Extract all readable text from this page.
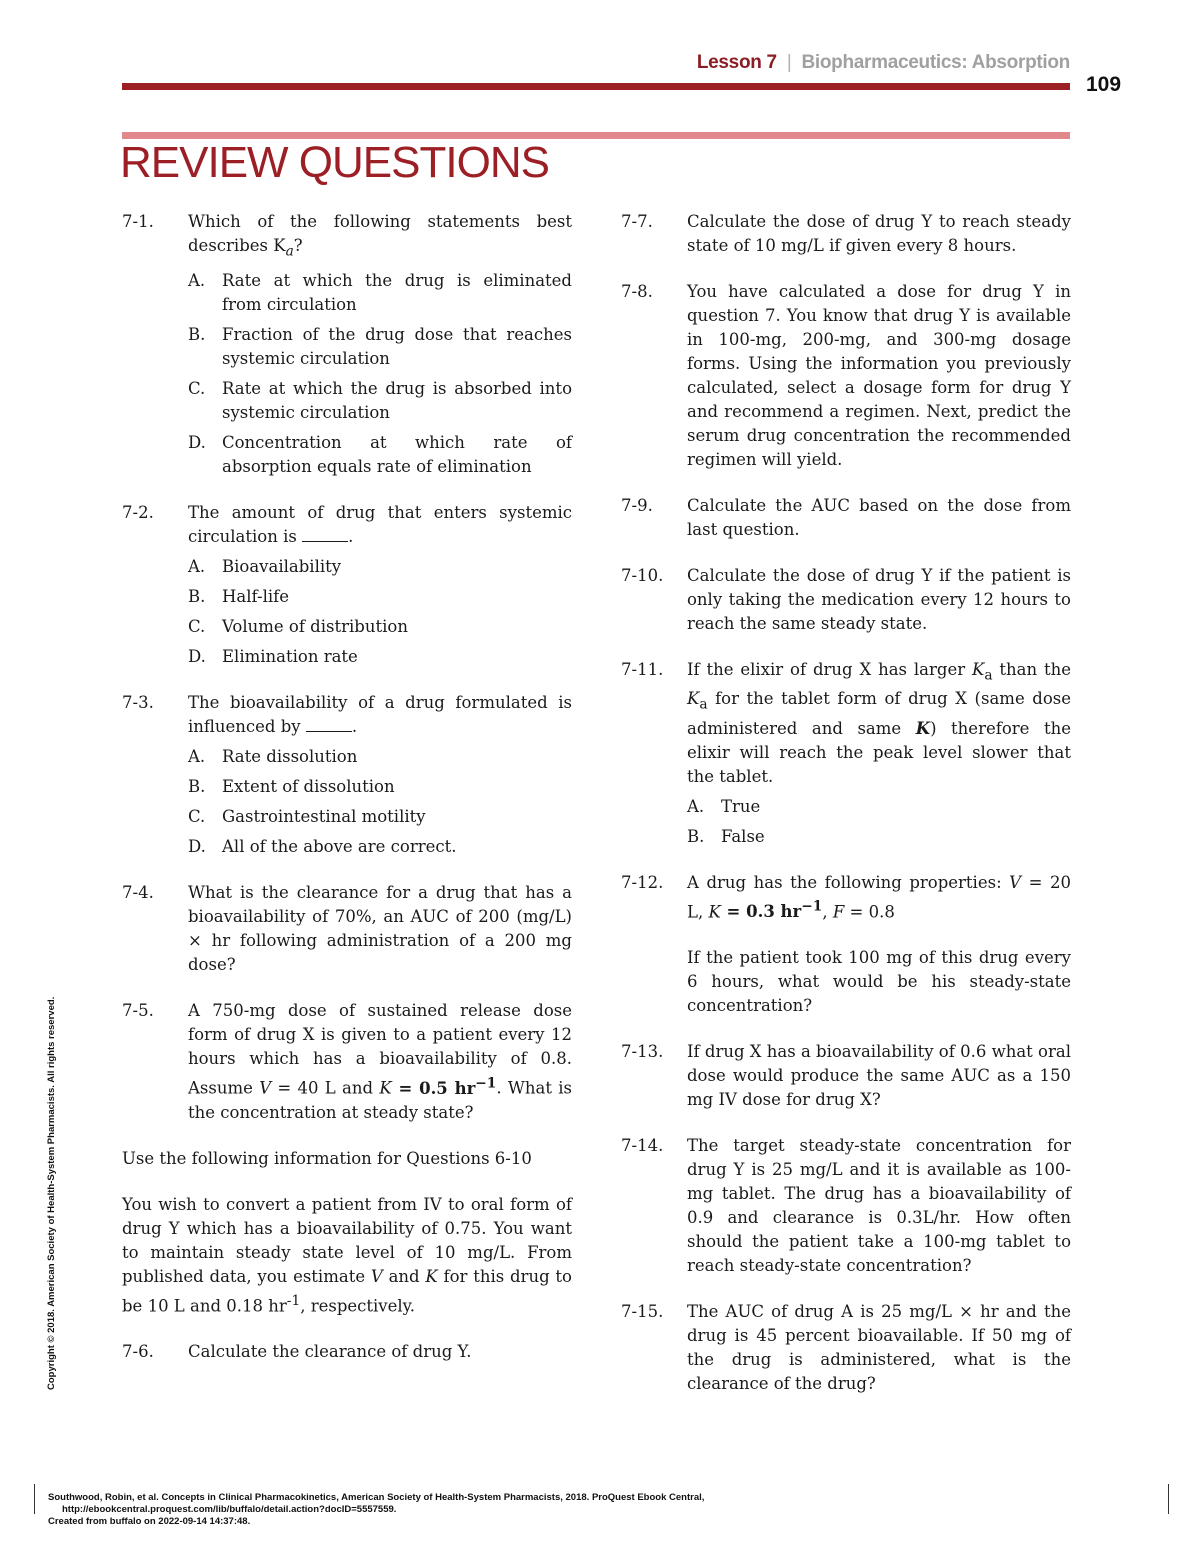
Lesson 7 | Biopharmaceutics: Absorption
109
REVIEW QUESTIONS
7-1.	Which of the following statements best describes $K_a$?
A.	Rate at which the drug is eliminated from circulation
B.	Fraction of the drug dose that reaches systemic circulation
C.	Rate at which the drug is absorbed into systemic circulation
D. Concentration at which rate of absorption equals rate of elimination
7-2.	The amount of drug that enters systemic circulation is	.
A.	Bioavailability
B.	Half-life
C.	Volume of distribution
D. Elimination rate
7-3.	The bioavailability of a drug formulated is influenced by	.
A.	Rate dissolution
B.	Extent of dissolution
C.	Gastrointestinal motility
D. All of the above are correct.
7-4.	What is the clearance for a drug that has a bioavailability of 70%, an AUC of 200 (mg/L) × hr following administration of a 200 mg dose?
7-5.	A 750-mg dose of sustained release dose form of drug X is given to a patient every 12 hours which has a bioavailability of 0.8. Assume V = 40 L and K = 0.5 $hr^{-1}$. What is the concentration at steady state?
Use the following information for Questions 6-10
You wish to convert a patient from IV to oral form of drug Y which has a bioavailability of 0.75. You want to maintain steady state level of 10 mg/L. From published data, you estimate V and K for this drug to be 10 L and 0.18 $hr^{-1}$, respectively.
7-6.	Calculate the clearance of drug Y.
7-7.	Calculate the dose of drug Y to reach steady state of 10 mg/L if given every 8 hours.
7-8.	You have calculated a dose for drug Y in question 7. You know that drug Y is available in 100-mg, 200-mg, and 300-mg dosage forms. Using the information you previously calculated, select a dosage form for drug Y and recommend a regimen. Next, predict the serum drug concentration the recommended regimen will yield.
7-9.	Calculate the AUC based on the dose from last question.
7-10.	Calculate the dose of drug Y if the patient is only taking the medication every 12 hours to reach the same steady state.
7-11.	If the elixir of drug X has larger $K_a$ than the $K_a$ for the tablet form of drug X (same dose administered and same K) therefore the elixir will reach the peak level slower that the tablet.
A.	True
B.	False
7-12.	A drug has the following properties: V = 20 L, K = 0.3 $hr^{-1}$, F = 0.8
If the patient took 100 mg of this drug every 6 hours, what would be his steady-state concentration?
7-13.	If drug X has a bioavailability of 0.6 what oral dose would produce the same AUC as a 150 mg IV dose for drug X?
7-14.	The target steady-state concentration for drug Y is 25 mg/L and it is available as 100-mg tablet. The drug has a bioavailability of 0.9 and clearance is 0.3L/hr. How often should the patient take a 100-mg tablet to reach steady-state concentration?
7-15.	The AUC of drug A is 25 mg/L × hr and the drug is 45 percent bioavailable. If 50 mg of the drug is administered, what is the clearance of the drug?
Copyright © 2018. American Society of Health-System Pharmacists. All rights reserved.
Southwood, Robin, et al. Concepts in Clinical Pharmacokinetics, American Society of Health-System Pharmacists, 2018. ProQuest Ebook Central,
http://ebookcentral.proquest.com/lib/buffalo/detail.action?docID=5557559.
Created from buffalo on 2022-09-14 14:37:48.
